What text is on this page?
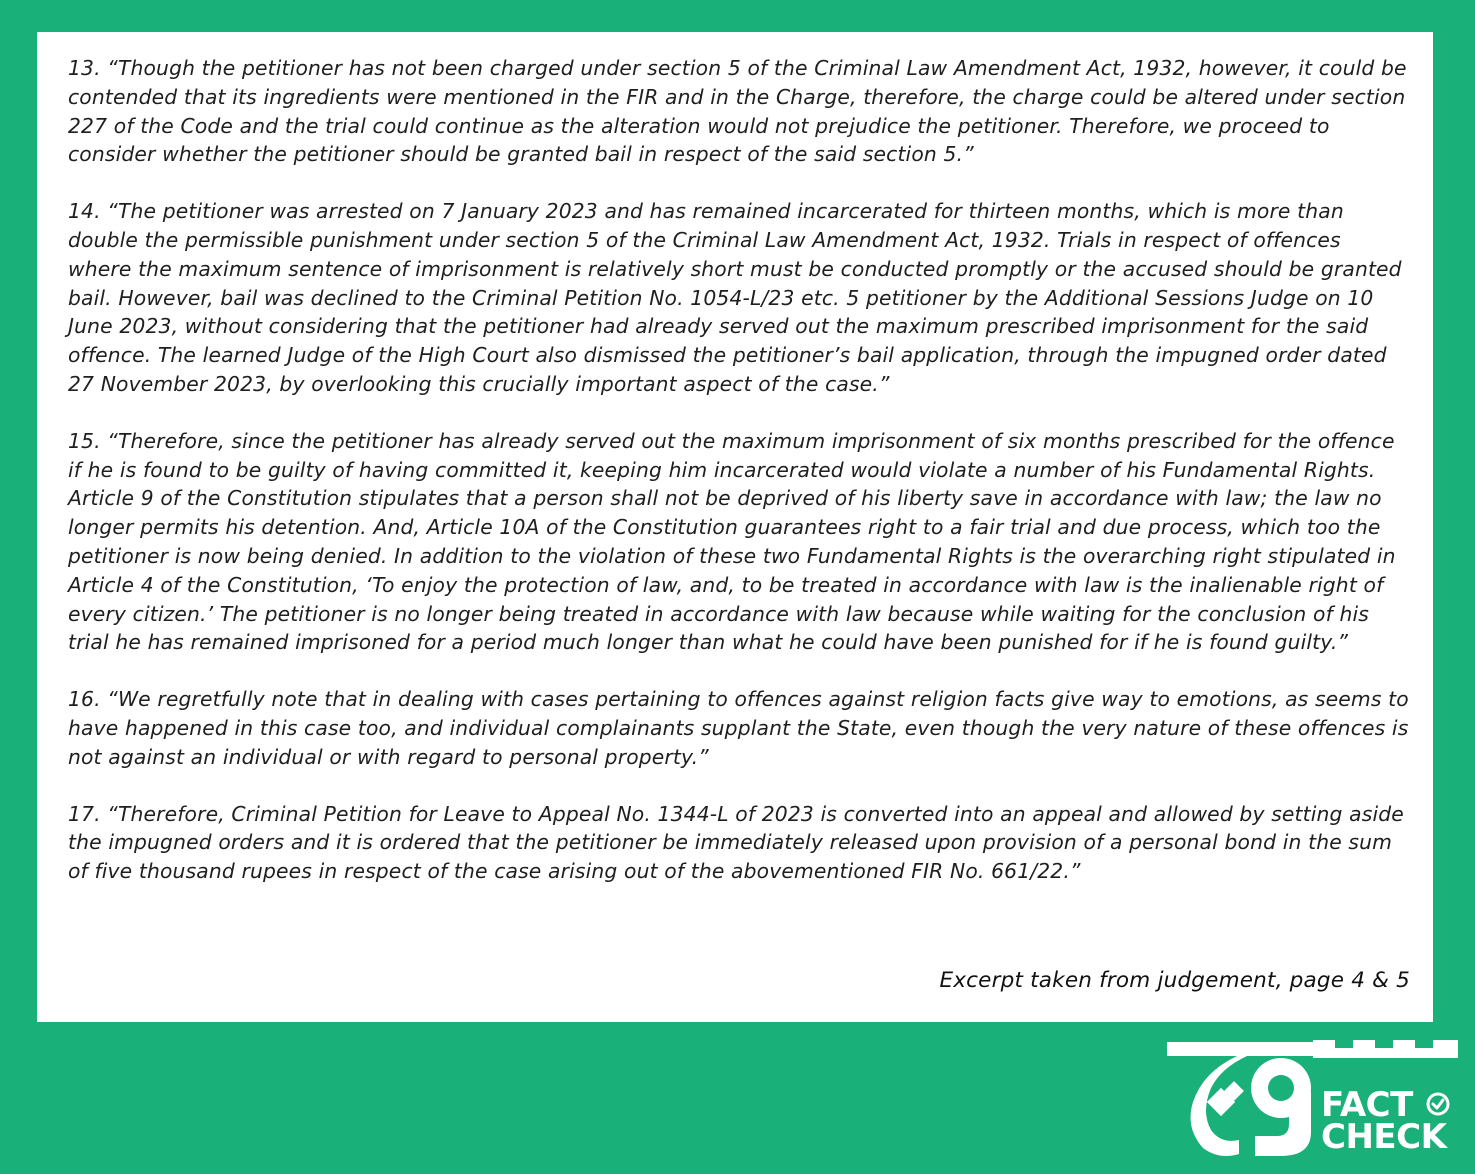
13. “Though the petitioner has not been charged under section 5 of the Criminal Law Amendment Act, 1932, however, it could be contended that its ingredients were mentioned in the FIR and in the Charge, therefore, the charge could be altered under section 227 of the Code and the trial could continue as the alteration would not prejudice the petitioner. Therefore, we proceed to consider whether the petitioner should be granted bail in respect of the said section 5.”

14. “The petitioner was arrested on 7 January 2023 and has remained incarcerated for thirteen months, which is more than double the permissible punishment under section 5 of the Criminal Law Amendment Act, 1932. Trials in respect of offences where the maximum sentence of imprisonment is relatively short must be conducted promptly or the accused should be granted bail. However, bail was declined to the Criminal Petition No. 1054-L/23 etc. 5 petitioner by the Additional Sessions Judge on 10 June 2023, without considering that the petitioner had already served out the maximum prescribed imprisonment for the said offence. The learned Judge of the High Court also dismissed the petitioner’s bail application, through the impugned order dated 27 November 2023, by overlooking this crucially important aspect of the case.”

15. “Therefore, since the petitioner has already served out the maximum imprisonment of six months prescribed for the offence if he is found to be guilty of having committed it, keeping him incarcerated would violate a number of his Fundamental Rights. Article 9 of the Constitution stipulates that a person shall not be deprived of his liberty save in accordance with law; the law no longer permits his detention. And, Article 10A of the Constitution guarantees right to a fair trial and due process, which too the petitioner is now being denied. In addition to the violation of these two Fundamental Rights is the overarching right stipulated in Article 4 of the Constitution, ‘To enjoy the protection of law, and, to be treated in accordance with law is the inalienable right of every citizen.’ The petitioner is no longer being treated in accordance with law because while waiting for the conclusion of his trial he has remained imprisoned for a period much longer than what he could have been punished for if he is found guilty.”

16. “We regretfully note that in dealing with cases pertaining to offences against religion facts give way to emotions, as seems to have happened in this case too, and individual complainants supplant the State, even though the very nature of these offences is not against an individual or with regard to personal property.”

17. “Therefore, Criminal Petition for Leave to Appeal No. 1344-L of 2023 is converted into an appeal and allowed by setting aside the impugned orders and it is ordered that the petitioner be immediately released upon provision of a personal bond in the sum of five thousand rupees in respect of the case arising out of the abovementioned FIR No. 661/22.”

Excerpt taken from judgement, page 4 & 5
FACT
CHECK
